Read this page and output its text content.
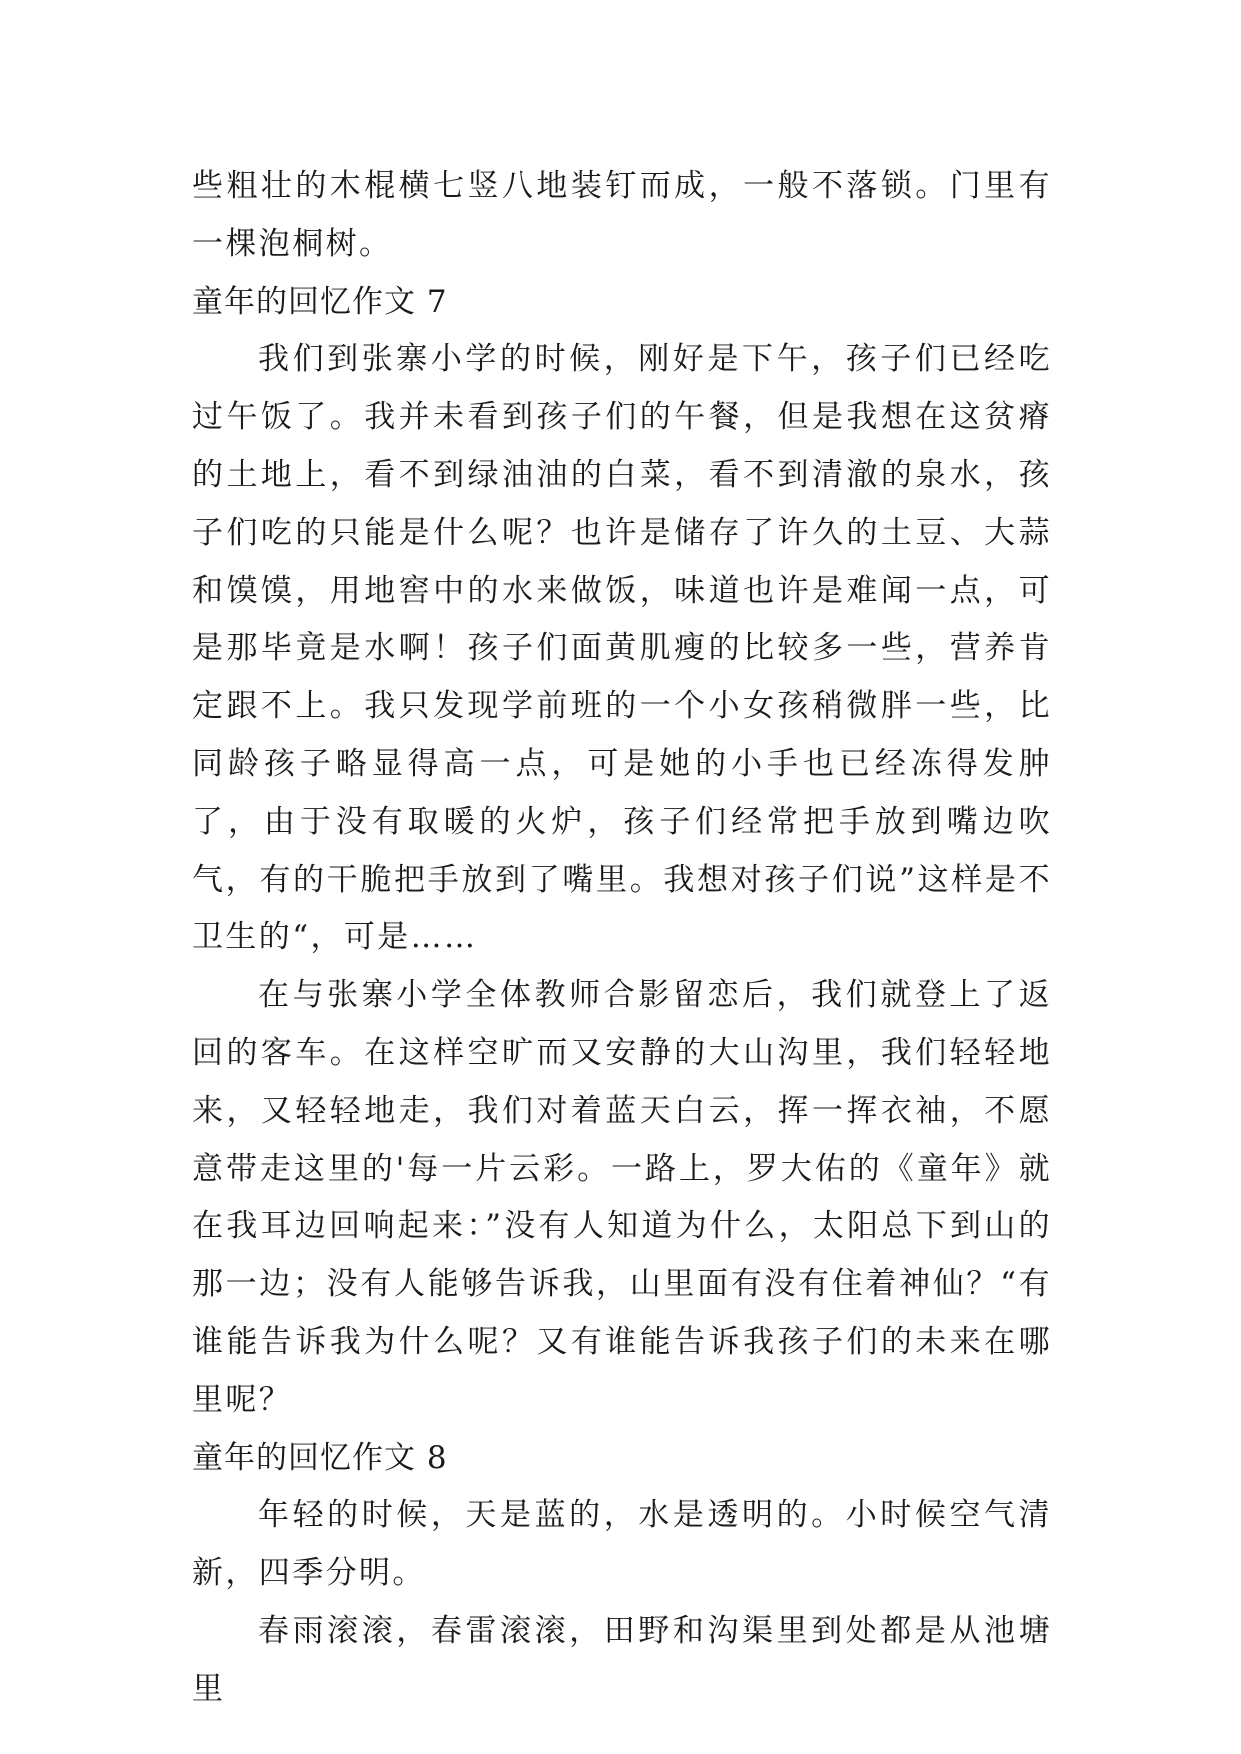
些粗壮的木棍横七竖八地装钉而成，一般不落锁。门里有一棵泡桐树。

童年的回忆作文 7

我们到张寨小学的时候，刚好是下午，孩子们已经吃过午饭了。我并未看到孩子们的午餐，但是我想在这贫瘠的土地上，看不到绿油油的白菜，看不到清澈的泉水，孩子们吃的只能是什么呢？也许是储存了许久的土豆、大蒜和馍馍，用地窖中的水来做饭，味道也许是难闻一点，可是那毕竟是水啊！孩子们面黄肌瘦的比较多一些，营养肯定跟不上。我只发现学前班的一个小女孩稍微胖一些，比同龄孩子略显得高一点，可是她的小手也已经冻得发肿了，由于没有取暖的火炉，孩子们经常把手放到嘴边吹气，有的干脆把手放到了嘴里。我想对孩子们说”这样是不卫生的“，可是……

在与张寨小学全体教师合影留恋后，我们就登上了返回的客车。在这样空旷而又安静的大山沟里，我们轻轻地来，又轻轻地走，我们对着蓝天白云，挥一挥衣袖，不愿意带走这里的'每一片云彩。一路上，罗大佑的《童年》就在我耳边回响起来：”没有人知道为什么，太阳总下到山的那一边；没有人能够告诉我，山里面有没有住着神仙？“有谁能告诉我为什么呢？又有谁能告诉我孩子们的未来在哪里呢？

童年的回忆作文 8

年轻的时候，天是蓝的，水是透明的。小时候空气清新，四季分明。

春雨滚滚，春雷滚滚，田野和沟渠里到处都是从池塘里
